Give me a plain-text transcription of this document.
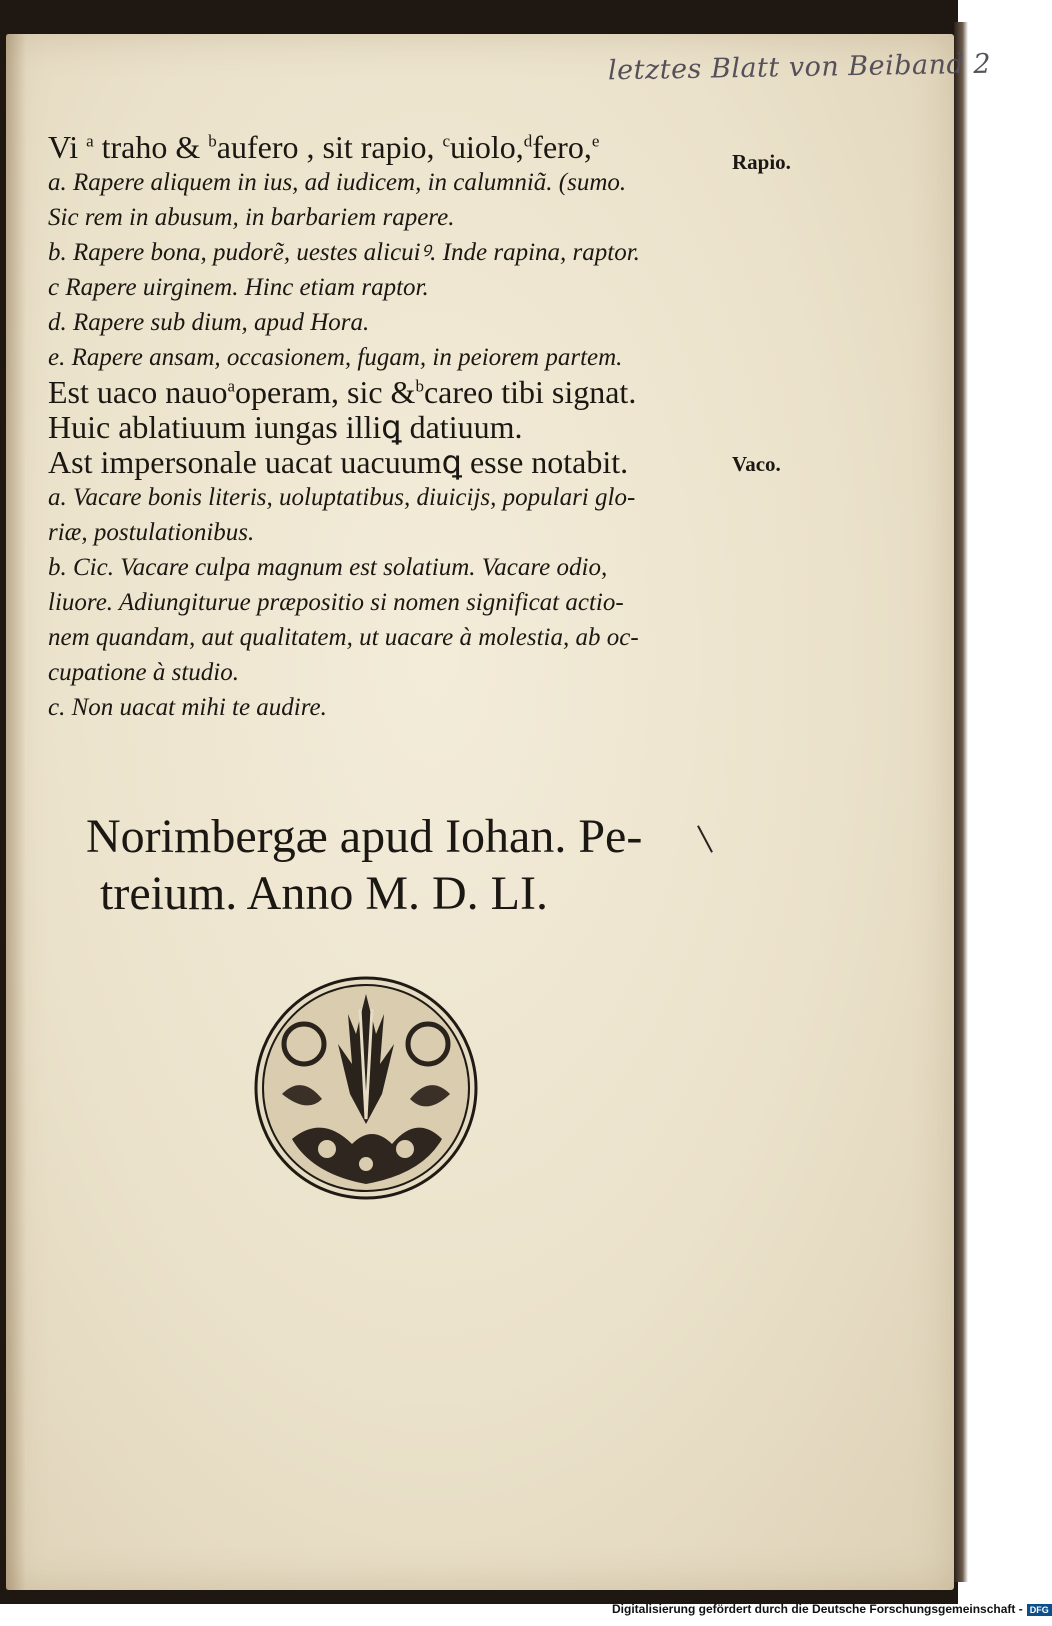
letztes Blatt von Beiband 2

Vi $^a$ traho & $^b$aufero , sit rapio, $^c$uiolo,$^d$fero,$^e$

a. Rapere aliquem in ius, ad iudicem, in calumniã. (sumo.

Sic rem in abusum, in barbariem rapere.

b. Rapere bona, pudorẽ, uestes alicuiꝰ. Inde rapina, raptor.

c Rapere uirginem. Hinc etiam raptor.

d. Rapere sub dium, apud Hora.

e. Rapere ansam, occasionem, fugam, in peiorem partem.

Est uaco nauo$^a$operam, sic &$^b$careo tibi signat.

Huic ablatiuum iungas illiꝗ datiuum.

Ast impersonale uacat uacuumꝗ esse notabit.

a. Vacare bonis literis, uoluptatibus, diuicijs, populari glo-

riæ, postulationibus.

b. Cic. Vacare culpa magnum est solatium. Vacare odio,

liuore. Adiungiturue præpositio si nomen significat actio-

nem quandam, aut qualitatem, ut uacare à molestia, ab oc-

cupatione à studio.

c. Non uacat mihi te audire.

Rapio.
Vaco.
Norimbergæ apud Iohan. Pe-
treium. Anno M. D. LI.
Digitalisierung gefördert durch die Deutsche Forschungsgemeinschaft - DFG
